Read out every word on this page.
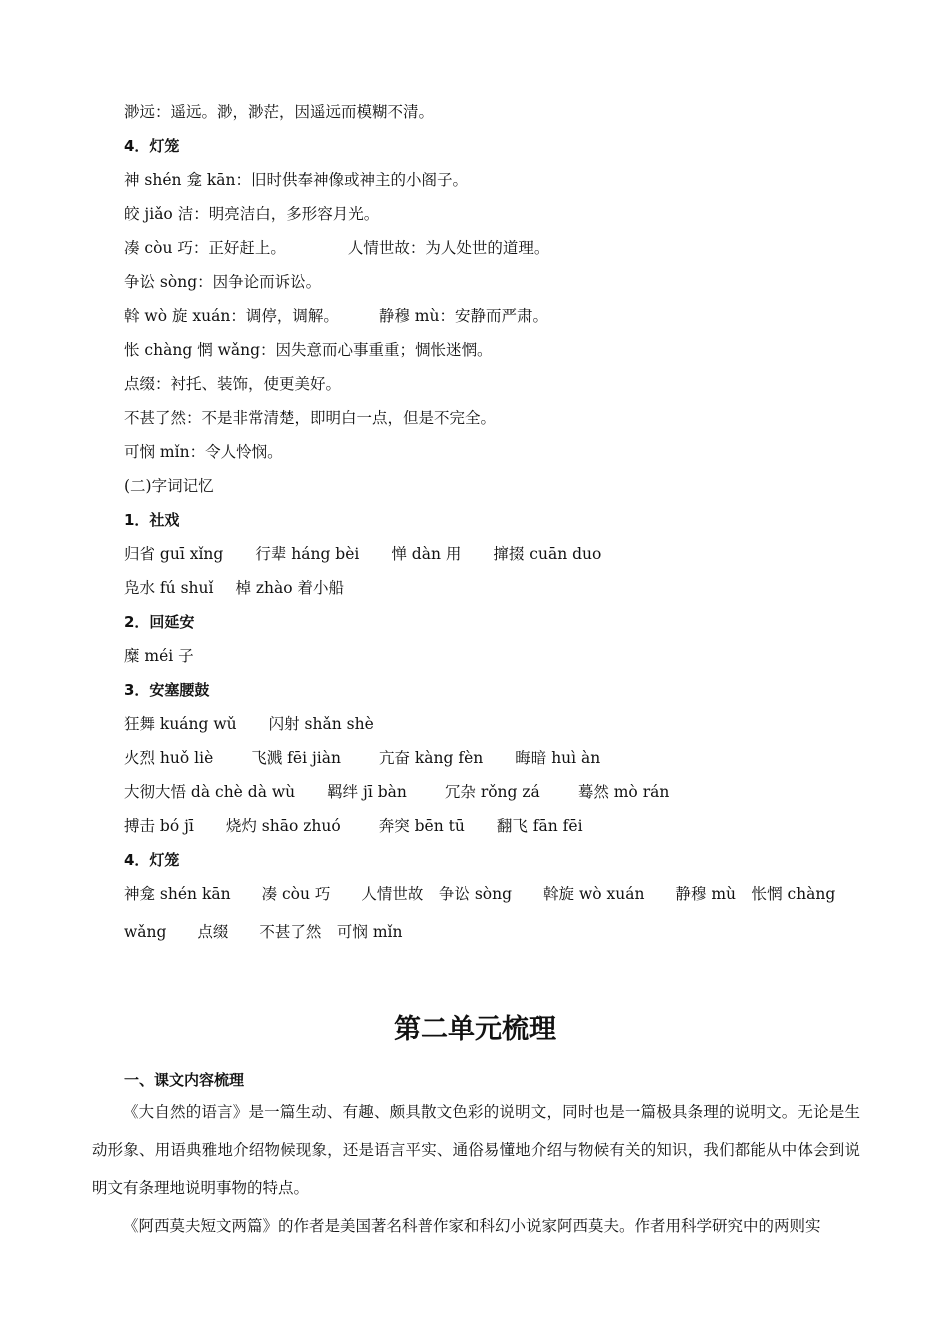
渺远：遥远。渺，渺茫，因遥远而模糊不清。
4．灯笼
神 shén 龛 kān：旧时供奉神像或神主的小阁子。
皎 jiǎo 洁：明亮洁白，多形容月光。
凑 còu 巧：正好赶上。	人情世故：为人处世的道理。
争讼 sòng：因争论而诉讼。
斡 wò 旋 xuán：调停，调解。	静穆 mù：安静而严肃。
怅 chàng 惘 wǎng：因失意而心事重重；惆怅迷惘。
点缀：衬托、装饰，使更美好。
不甚了然：不是非常清楚，即明白一点，但是不完全。
可悯 mǐn：令人怜悯。
(二)字词记忆
1．社戏
归省 guī xǐng 行辈 háng bèi 惮 dàn 用 撺掇 cuān duo
凫水 fú shuǐ 棹 zhào 着小船
2．回延安
糜 méi 子
3．安塞腰鼓
狂舞 kuáng wǔ 闪射 shǎn shè
火烈 huǒ liè 飞溅 fēi jiàn 亢奋 kàng fèn 晦暗 huì àn
大彻大悟 dà chè dà wù 羁绊 jī bàn 冗杂 rǒng zá 蓦然 mò rán
搏击 bó jī 烧灼 shāo zhuó 奔突 bēn tū 翻飞 fān fēi
4．灯笼
神龛 shén kān　　凑 còu 巧　　人情世故　争讼 sòng　　斡旋 wò xuán　　静穆 mù　怅惘 chàng wǎng　　点缀　　不甚了然　可悯 mǐn
第二单元梳理
一、课文内容梳理
《大自然的语言》是一篇生动、有趣、颇具散文色彩的说明文，同时也是一篇极具条理的说明文。无论是生动形象、用语典雅地介绍物候现象，还是语言平实、通俗易懂地介绍与物候有关的知识，我们都能从中体会到说明文有条理地说明事物的特点。
《阿西莫夫短文两篇》的作者是美国著名科普作家和科幻小说家阿西莫夫。作者用科学研究中的两则实
